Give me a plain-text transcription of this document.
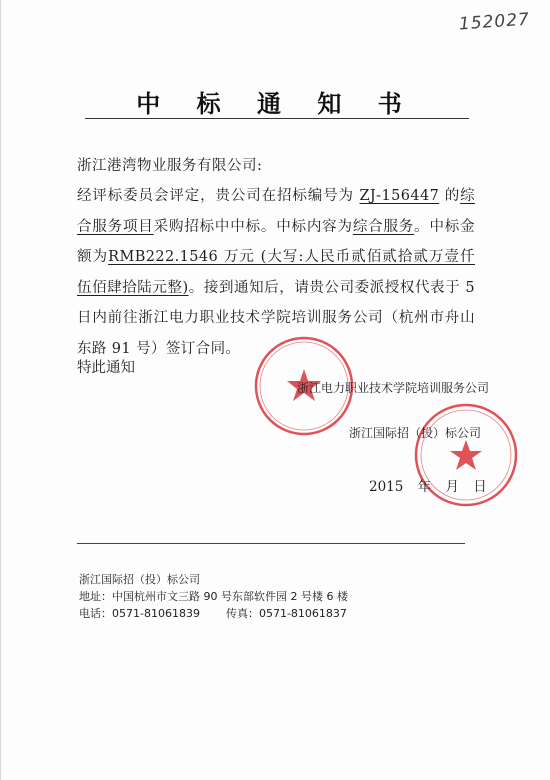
152027
中 标 通 知 书
浙江港湾物业服务有限公司:
经评标委员会评定，贵公司在招标编号为 ZJ-156447 的综合服务项目采购招标中中标。中标内容为综合服务。中标金额为RMB222.1546 万元 (大写:人民币贰佰贰拾贰万壹仟伍佰肆拾陆元整)。接到通知后，请贵公司委派授权代表于 5 日内前往浙江电力职业技术学院培训服务公司（杭州市舟山东路 91 号）签订合同。
特此通知
浙江电力职业技术学院培训服务公司
浙江国际招（投）标公司
2015 年 月 日
浙江国际招（投）标公司
地址：中国杭州市文三路 90 号东部软件园 2 号楼 6 楼
电话：0571-81061839 传真：0571-81061837
